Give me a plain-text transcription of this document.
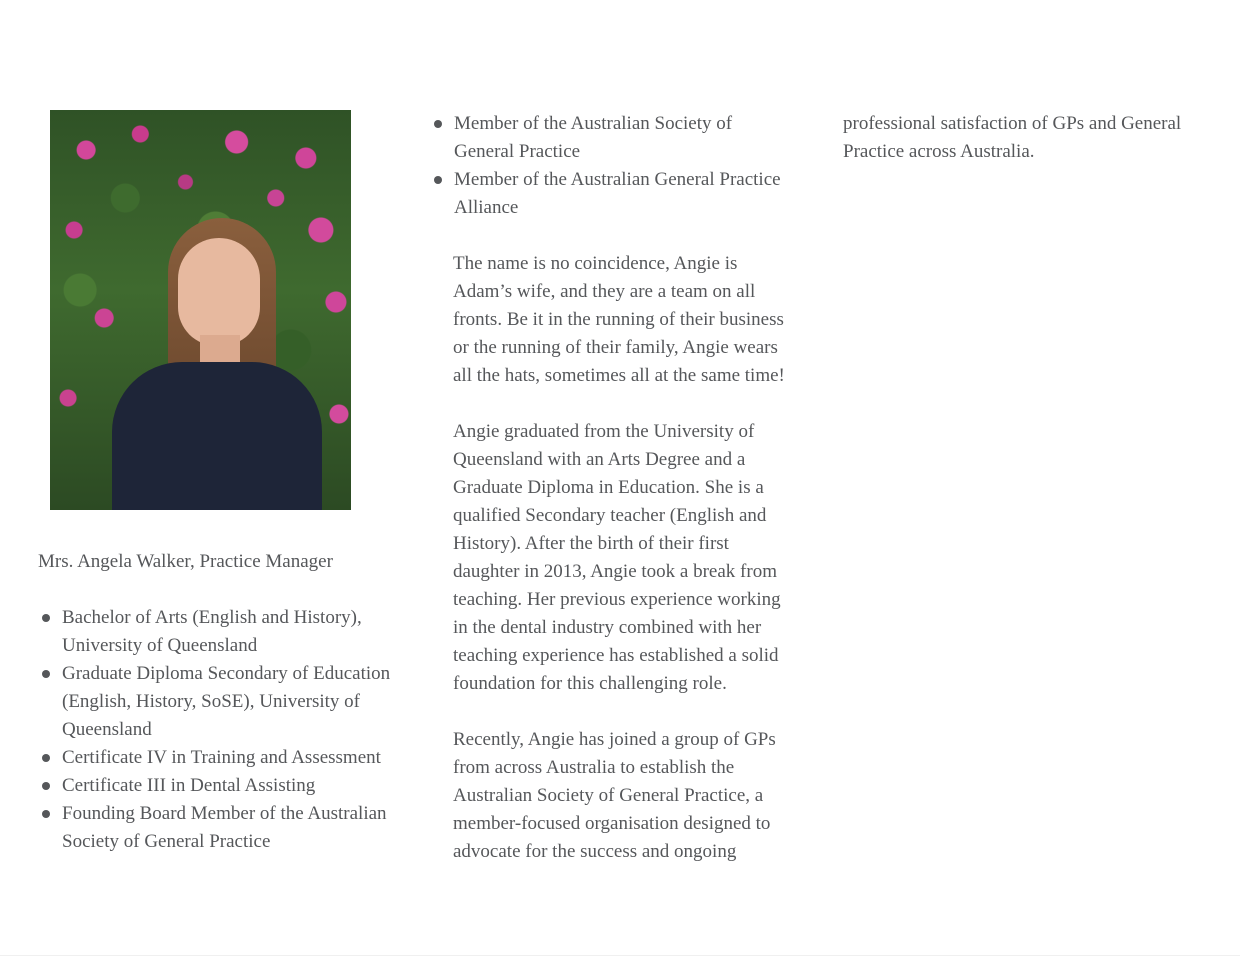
Mrs. Angela Walker, Practice Manager

Bachelor of Arts (English and History), University of Queensland
Graduate Diploma Secondary of Education (English, History, SoSE), University of Queensland
Certificate IV in Training and Assessment
Certificate III in Dental Assisting
Founding Board Member of the Australian Society of General Practice
Member of the Australian Society of General Practice
Member of the Australian General Practice Alliance

The name is no coincidence, Angie is Adam’s wife, and they are a team on all fronts. Be it in the running of their business or the running of their family, Angie wears all the hats, sometimes all at the same time!

Angie graduated from the University of Queensland with an Arts Degree and a Graduate Diploma in Education. She is a qualified Secondary teacher (English and History). After the birth of their first daughter in 2013, Angie took a break from teaching. Her previous experience working in the dental industry combined with her teaching experience has established a solid foundation for this challenging role.

Recently, Angie has joined a group of GPs from across Australia to establish the Australian Society of General Practice, a member-focused organisation designed to advocate for the success and ongoing

professional satisfaction of GPs and General Practice across Australia.
